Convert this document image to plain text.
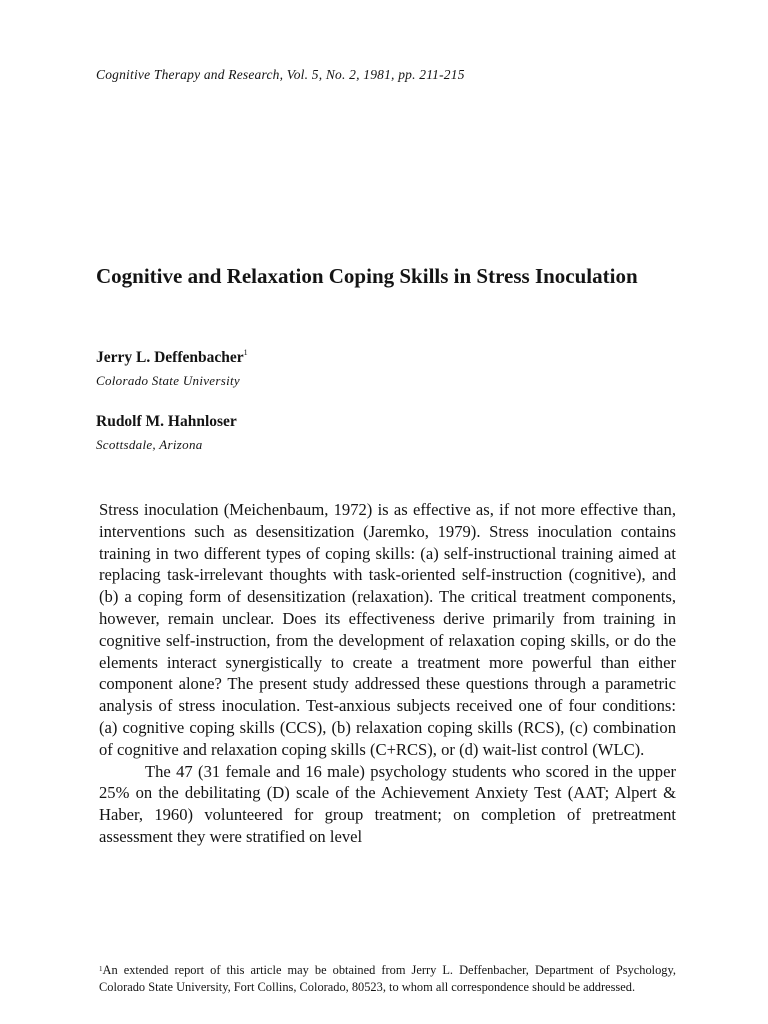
Cognitive Therapy and Research, Vol. 5, No. 2, 1981, pp. 211-215
Cognitive and Relaxation Coping Skills in Stress Inoculation
Jerry L. Deffenbacher$^1$
Colorado State University
Rudolf M. Hahnloser
Scottsdale, Arizona

Stress inoculation (Meichenbaum, 1972) is as effective as, if not more effective than, interventions such as desensitization (Jaremko, 1979). Stress inoculation contains training in two different types of coping skills: (a) self-instructional training aimed at replacing task-irrelevant thoughts with task-oriented self-instruction (cognitive), and (b) a coping form of desensitization (relaxation). The critical treatment components, however, remain unclear. Does its effectiveness derive primarily from training in cognitive self-instruction, from the development of relaxation coping skills, or do the elements interact synergistically to create a treatment more powerful than either component alone? The present study addressed these questions through a parametric analysis of stress inoculation. Test-anxious subjects received one of four conditions: (a) cognitive coping skills (CCS), (b) relaxation coping skills (RCS), (c) combination of cognitive and relaxation coping skills (C+RCS), or (d) wait-list control (WLC).

The 47 (31 female and 16 male) psychology students who scored in the upper 25% on the debilitating (D) scale of the Achievement Anxiety Test (AAT; Alpert & Haber, 1960) volunteered for group treatment; on completion of pretreatment assessment they were stratified on level

$^1$An extended report of this article may be obtained from Jerry L. Deffenbacher, Department of Psychology, Colorado State University, Fort Collins, Colorado, 80523, to whom all correspondence should be addressed.
